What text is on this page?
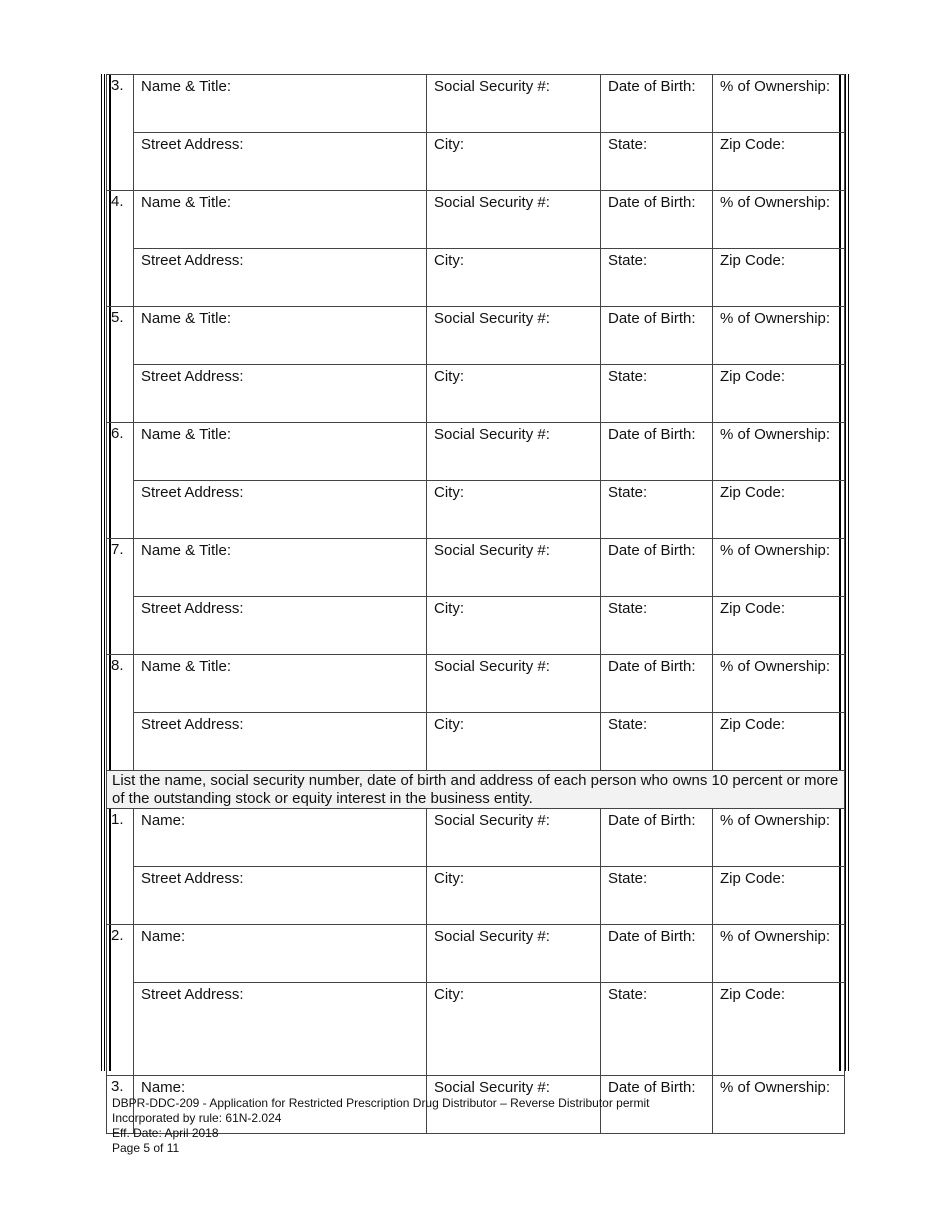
3.	Name & Title:	Social Security #:	Date of Birth:	% of Ownership:
	Street Address:	City:	State:	Zip Code:
4.	Name & Title:	Social Security #:	Date of Birth:	% of Ownership:
	Street Address:	City:	State:	Zip Code:
5.	Name & Title:	Social Security #:	Date of Birth:	% of Ownership:
	Street Address:	City:	State:	Zip Code:
6.	Name & Title:	Social Security #:	Date of Birth:	% of Ownership:
	Street Address:	City:	State:	Zip Code:
7.	Name & Title:	Social Security #:	Date of Birth:	% of Ownership:
	Street Address:	City:	State:	Zip Code:
8.	Name & Title:	Social Security #:	Date of Birth:	% of Ownership:
	Street Address:	City:	State:	Zip Code:
List the name, social security number, date of birth and address of each person who owns 10 percent or more of the outstanding stock or equity interest in the business entity.				
1.	Name:	Social Security #:	Date of Birth:	% of Ownership:
	Street Address:	City:	State:	Zip Code:
2.	Name:	Social Security #:	Date of Birth:	% of Ownership:
	Street Address:	City:	State:	Zip Code:
3.	Name:	Social Security #:	Date of Birth:	% of Ownership:
DBPR-DDC-209 - Application for Restricted Prescription Drug Distributor – Reverse Distributor permit
Incorporated by rule: 61N-2.024
Eff. Date: April 2018
Page 5 of 11
